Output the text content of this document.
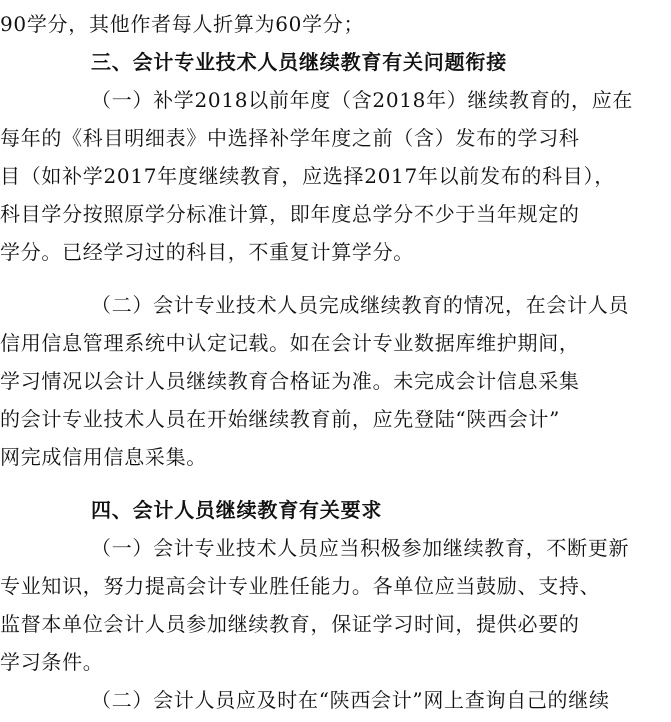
90学分，其他作者每人折算为60学分；
三、会计专业技术人员继续教育有关问题衔接
（一）补学2018以前年度（含2018年）继续教育的，应在
每年的《科目明细表》中选择补学年度之前（含）发布的学习科
目（如补学2017年度继续教育，应选择2017年以前发布的科目），
科目学分按照原学分标准计算，即年度总学分不少于当年规定的
学分。已经学习过的科目，不重复计算学分。
（二）会计专业技术人员完成继续教育的情况，在会计人员
信用信息管理系统中认定记载。如在会计专业数据库维护期间，
学习情况以会计人员继续教育合格证为准。未完成会计信息采集
的会计专业技术人员在开始继续教育前，应先登陆“陕西会计”
网完成信用信息采集。
四、会计人员继续教育有关要求
（一）会计专业技术人员应当积极参加继续教育，不断更新
专业知识，努力提高会计专业胜任能力。各单位应当鼓励、支持、
监督本单位会计人员参加继续教育，保证学习时间，提供必要的
学习条件。
（二）会计人员应及时在“陕西会计”网上查询自己的继续
